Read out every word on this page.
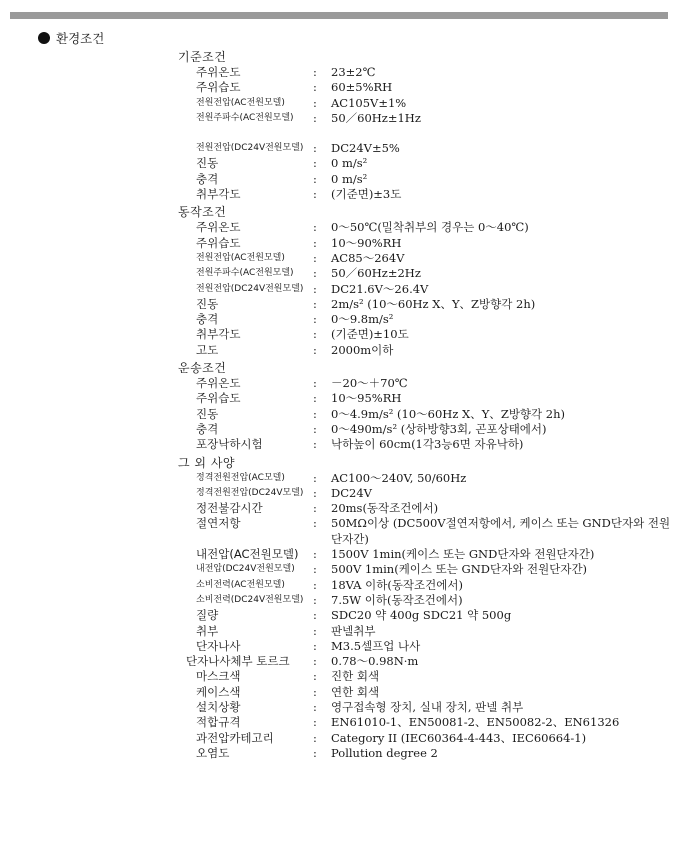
환경조건
기준조건
주위온도	:	23±2℃
주위습도	:	60±5%RH
전원전압(AC전원모델)	:	AC105V±1%
전원주파수(AC전원모델)	:	50／60Hz±1Hz
전원전압(DC24V전원모델) :	DC24V±5%
진동	:	0 m/s²
충격	:	0 m/s²
취부각도	:	(기준면)±3도
동작조건
주위온도	:	0～50℃(밀착취부의 경우는 0～40℃)
주위습도	:	10～90%RH
전원전압(AC전원모델)	:	AC85～264V
전원주파수(AC전원모델)	:	50／60Hz±2Hz
전원전압(DC24V전원모델) :	DC21.6V～26.4V
진동	:	2m/s² (10～60Hz X、Y、Z방향각 2h)
충격	:	0～9.8m/s²
취부각도	:	(기준면)±10도
고도	:	2000m이하
운송조건
주위온도	:	－20～＋70℃
주위습도	:	10～95%RH
진동	:	0～4.9m/s² (10～60Hz X、Y、Z방향각 2h)
충격	:	0～490m/s² (상하방향3회, 곤포상태에서)
포장낙하시험	:	낙하높이 60cm(1각3능6면 자유낙하)
그 외 사양
정격전원전압(AC모델)	:	AC100～240V, 50/60Hz
정격전원전압(DC24V모델) :	DC24V
정전불감시간	:	20ms(동작조건에서)
절연저항	:	50MΩ이상 (DC500V절연저항에서, 케이스 또는 GND단자와 전원단자간)
내전압(AC전원모델)	:	1500V 1min(케이스 또는 GND단자와 전원단자간)
내전압(DC24V전원모델)	:	500V 1min(케이스 또는 GND단자와 전원단자간)
소비전력(AC전원모델)	:	18VA 이하(동작조건에서)
소비전력(DC24V전원모델) :	7.5W 이하(동작조건에서)
질량	:	SDC20 약 400g SDC21 약 500g
취부	:	판넬취부
단자나사	:	M3.5셀프업 나사
단자나사체부 토르크	:	0.78～0.98N·m
마스크색	:	진한 회색
케이스색	:	연한 회색
설치상황	:	영구접속형 장치, 실내 장치, 판넬 취부
적합규격	:	EN61010-1、EN50081-2、EN50082-2、EN61326
과전압카테고리	:	Category II (IEC60364-4-443、IEC60664-1)
오염도	:	Pollution degree 2
